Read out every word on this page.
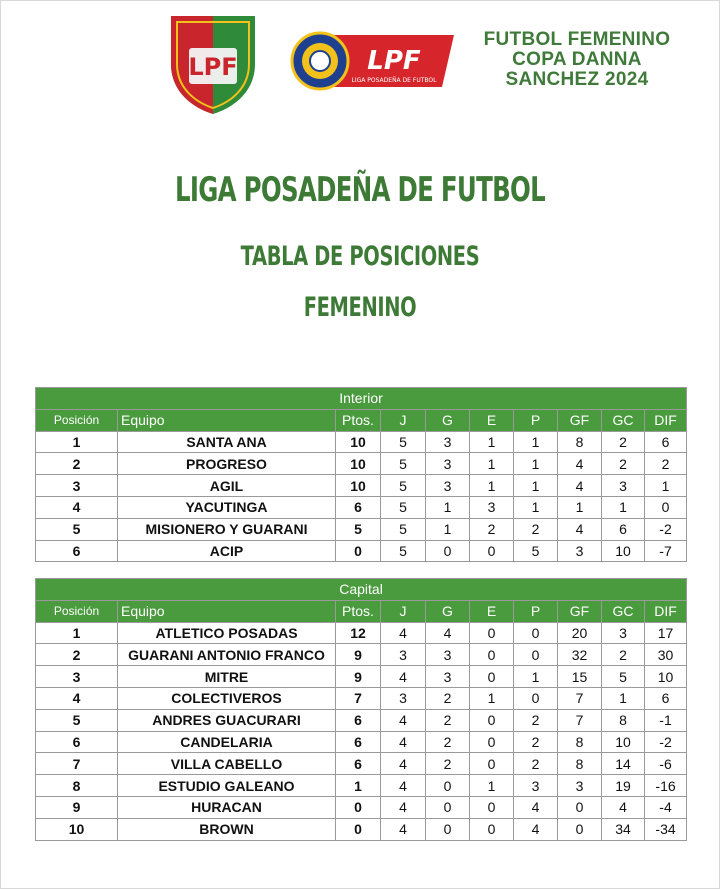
LPF	LPF
LIGA POSADEÑA DE FUTBOL
FUTBOL FEMENINO
COPA DANNA
SANCHEZ 2024
LIGA POSADEÑA DE FUTBOL
TABLA DE POSICIONES
FEMENINO
Interior									
Posición	Equipo	Ptos.	J	G	E	P	GF	GC	DIF
1	SANTA ANA	10	5	3	1	1	8	2	6
2	PROGRESO	10	5	3	1	1	4	2	2
3	AGIL	10	5	3	1	1	4	3	1
4	YACUTINGA	6	5	1	3	1	1	1	0
5	MISIONERO Y GUARANI	5	5	1	2	2	4	6	-2
6	ACIP	0	5	0	0	5	3	10	-7
Capital									
Posición	Equipo	Ptos.	J	G	E	P	GF	GC	DIF
1	ATLETICO POSADAS	12	4	4	0	0	20	3	17
2	GUARANI ANTONIO FRANCO	9	3	3	0	0	32	2	30
3	MITRE	9	4	3	0	1	15	5	10
4	COLECTIVEROS	7	3	2	1	0	7	1	6
5	ANDRES GUACURARI	6	4	2	0	2	7	8	-1
6	CANDELARIA	6	4	2	0	2	8	10	-2
7	VILLA CABELLO	6	4	2	0	2	8	14	-6
8	ESTUDIO GALEANO	1	4	0	1	3	3	19	-16
9	HURACAN	0	4	0	0	4	0	4	-4
10	BROWN	0	4	0	0	4	0	34	-34
